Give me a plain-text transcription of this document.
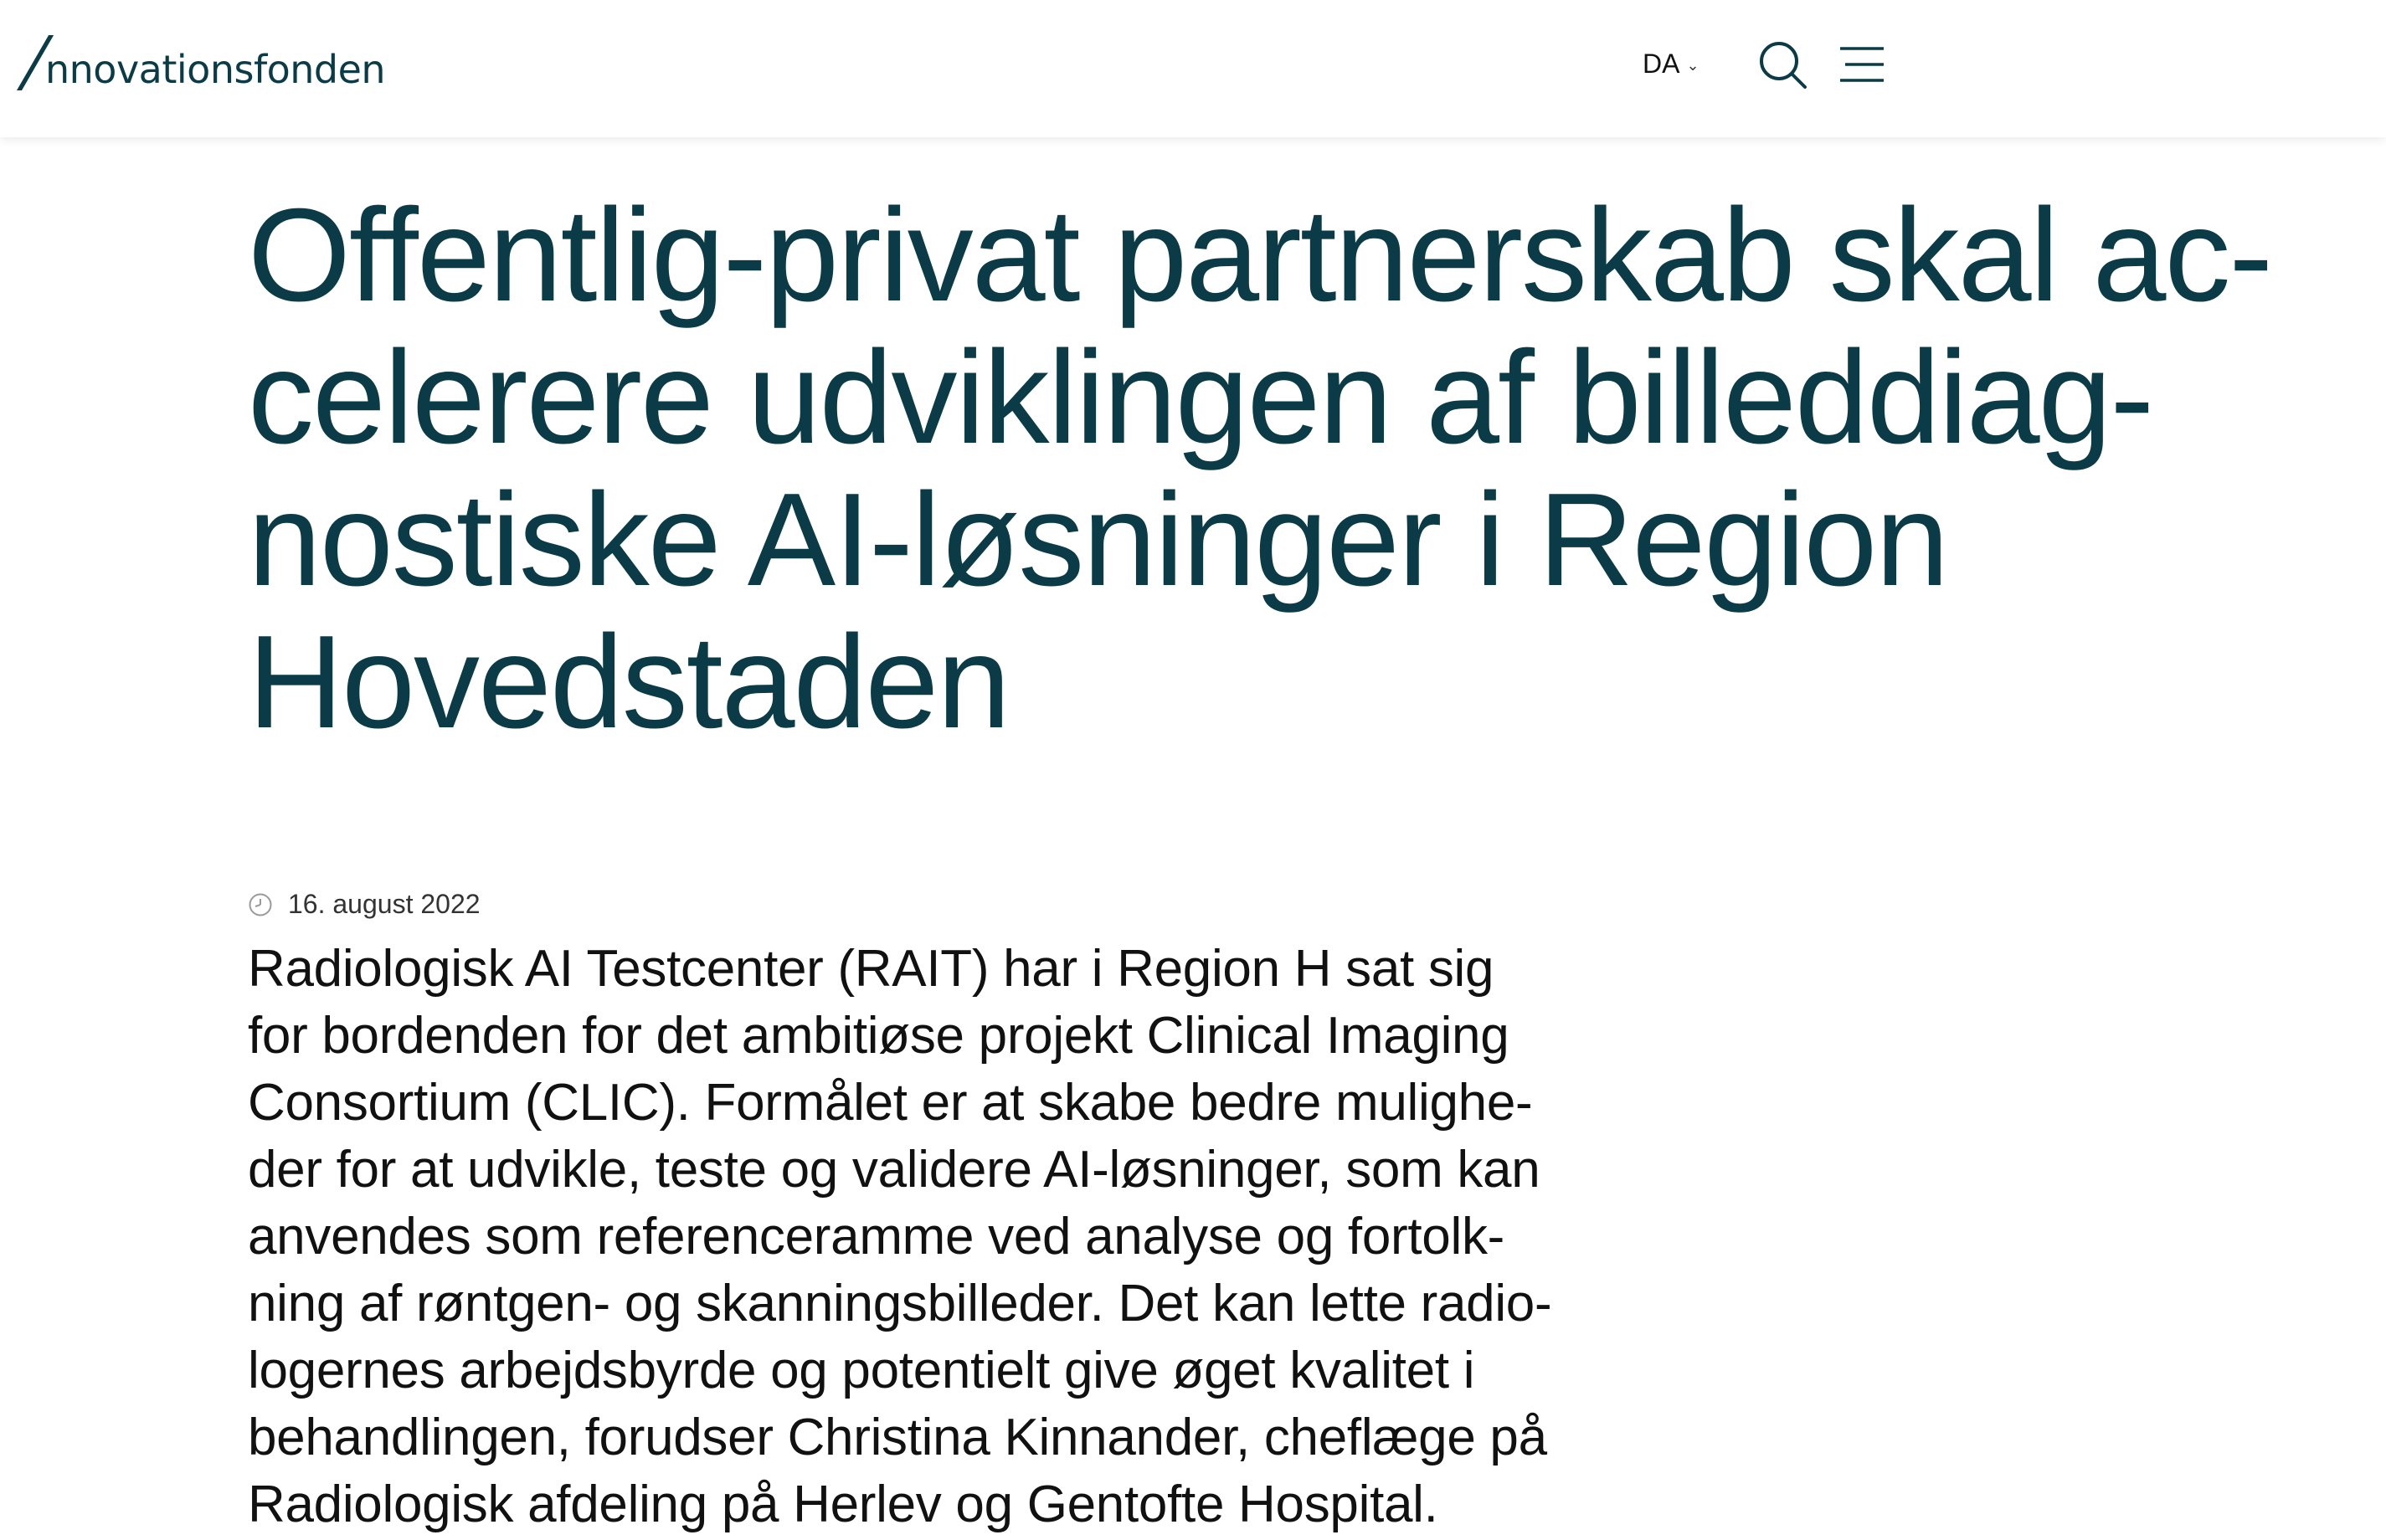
nnovationsfonden	DA ⌄
Offentlig-privat partnerskab skal ac-
celerere udviklingen af billeddiag-
nostiske AI-løsninger i Region
Hovedstaden
16. august 2022

Radiologisk AI Testcenter (RAIT) har i Region H sat sig
for bordenden for det ambitiøse projekt Clinical Imaging
Consortium (CLIC). Formålet er at skabe bedre mulighe-
der for at udvikle, teste og validere AI-løsninger, som kan
anvendes som referenceramme ved analyse og fortolk-
ning af røntgen- og skanningsbilleder. Det kan lette radio-
logernes arbejdsbyrde og potentielt give øget kvalitet i
behandlingen, forudser Christina Kinnander, cheflæge på
Radiologisk afdeling på Herlev og Gentofte Hospital.
